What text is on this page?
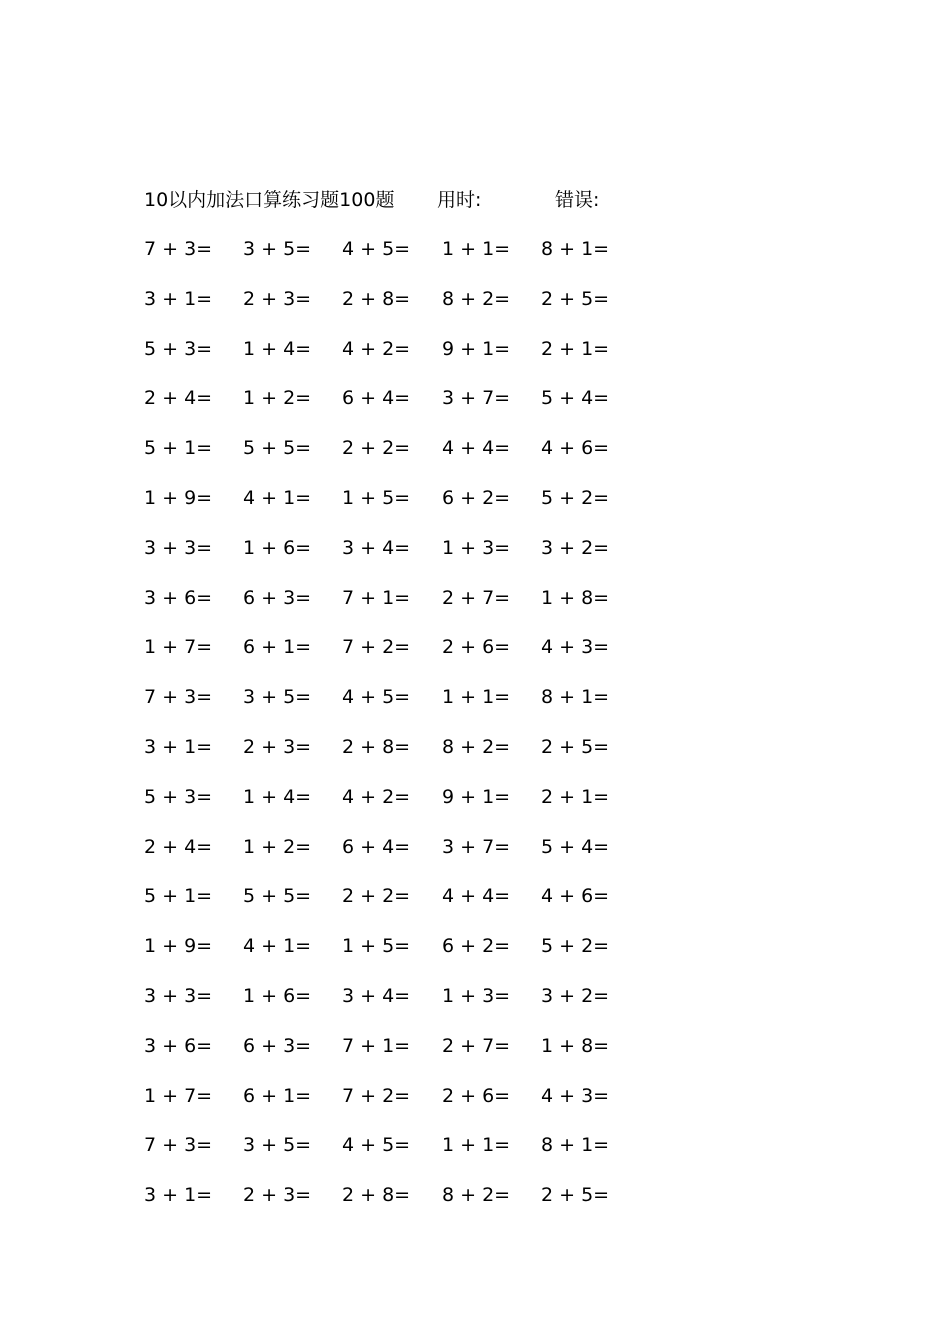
10以内加法口算练习题100题 用时:	错误:
7 + 3= 3 + 5= 4 + 5= 1 + 1= 8 + 1=
3 + 1= 2 + 3= 2 + 8= 8 + 2= 2 + 5=
5 + 3= 1 + 4= 4 + 2= 9 + 1= 2 + 1=
2 + 4= 1 + 2= 6 + 4= 3 + 7= 5 + 4=
5 + 1= 5 + 5= 2 + 2= 4 + 4= 4 + 6=
1 + 9= 4 + 1= 1 + 5= 6 + 2= 5 + 2=
3 + 3= 1 + 6= 3 + 4= 1 + 3= 3 + 2=
3 + 6= 6 + 3= 7 + 1= 2 + 7= 1 + 8=
1 + 7= 6 + 1= 7 + 2= 2 + 6= 4 + 3=
7 + 3= 3 + 5= 4 + 5= 1 + 1= 8 + 1=
3 + 1= 2 + 3= 2 + 8= 8 + 2= 2 + 5=
5 + 3= 1 + 4= 4 + 2= 9 + 1= 2 + 1=
2 + 4= 1 + 2= 6 + 4= 3 + 7= 5 + 4=
5 + 1= 5 + 5= 2 + 2= 4 + 4= 4 + 6=
1 + 9= 4 + 1= 1 + 5= 6 + 2= 5 + 2=
3 + 3= 1 + 6= 3 + 4= 1 + 3= 3 + 2=
3 + 6= 6 + 3= 7 + 1= 2 + 7= 1 + 8=
1 + 7= 6 + 1= 7 + 2= 2 + 6= 4 + 3=
7 + 3= 3 + 5= 4 + 5= 1 + 1= 8 + 1=
3 + 1= 2 + 3= 2 + 8= 8 + 2= 2 + 5=
